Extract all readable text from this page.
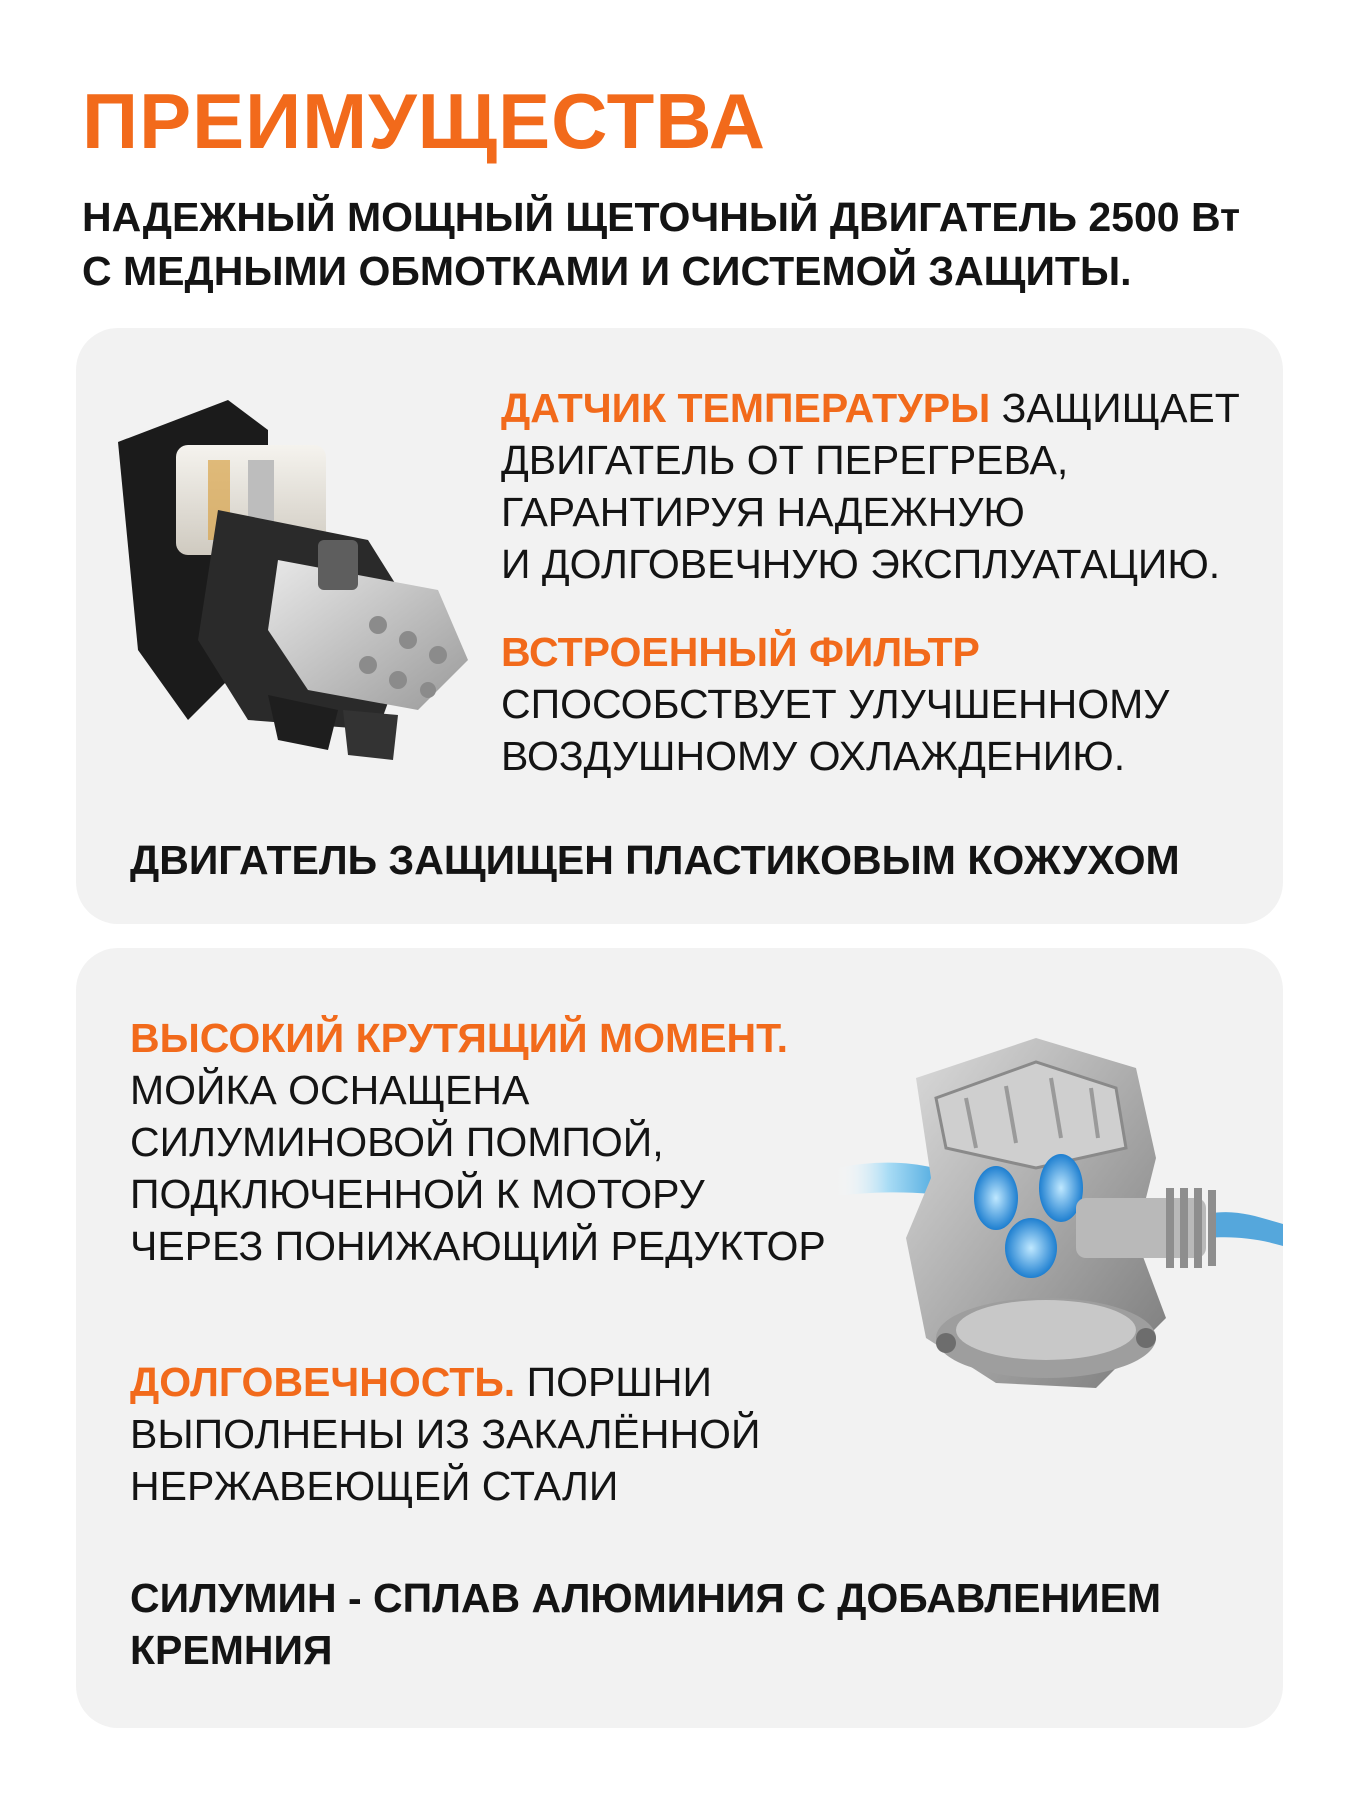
ПРЕИМУЩЕСТВА
НАДЕЖНЫЙ МОЩНЫЙ ЩЕТОЧНЫЙ ДВИГАТЕЛЬ 2500 Вт
С МЕДНЫМИ ОБМОТКАМИ И СИСТЕМОЙ ЗАЩИТЫ.
ДАТЧИК ТЕМПЕРАТУРЫ ЗАЩИЩАЕТ
ДВИГАТЕЛЬ ОТ ПЕРЕГРЕВА,
ГАРАНТИРУЯ НАДЕЖНУЮ
И ДОЛГОВЕЧНУЮ ЭКСПЛУАТАЦИЮ.
ВСТРОЕННЫЙ ФИЛЬТР
СПОСОБСТВУЕТ УЛУЧШЕННОМУ
ВОЗДУШНОМУ ОХЛАЖДЕНИЮ.
ДВИГАТЕЛЬ ЗАЩИЩЕН ПЛАСТИКОВЫМ КОЖУХОМ
ВЫСОКИЙ КРУТЯЩИЙ МОМЕНТ.
МОЙКА ОСНАЩЕНА
СИЛУМИНОВОЙ ПОМПОЙ,
ПОДКЛЮЧЕННОЙ К МОТОРУ
ЧЕРЕЗ ПОНИЖАЮЩИЙ РЕДУКТОР
ДОЛГОВЕЧНОСТЬ. ПОРШНИ
ВЫПОЛНЕНЫ ИЗ ЗАКАЛЁННОЙ
НЕРЖАВЕЮЩЕЙ СТАЛИ
СИЛУМИН - СПЛАВ АЛЮМИНИЯ С ДОБАВЛЕНИЕМ
КРЕМНИЯ
